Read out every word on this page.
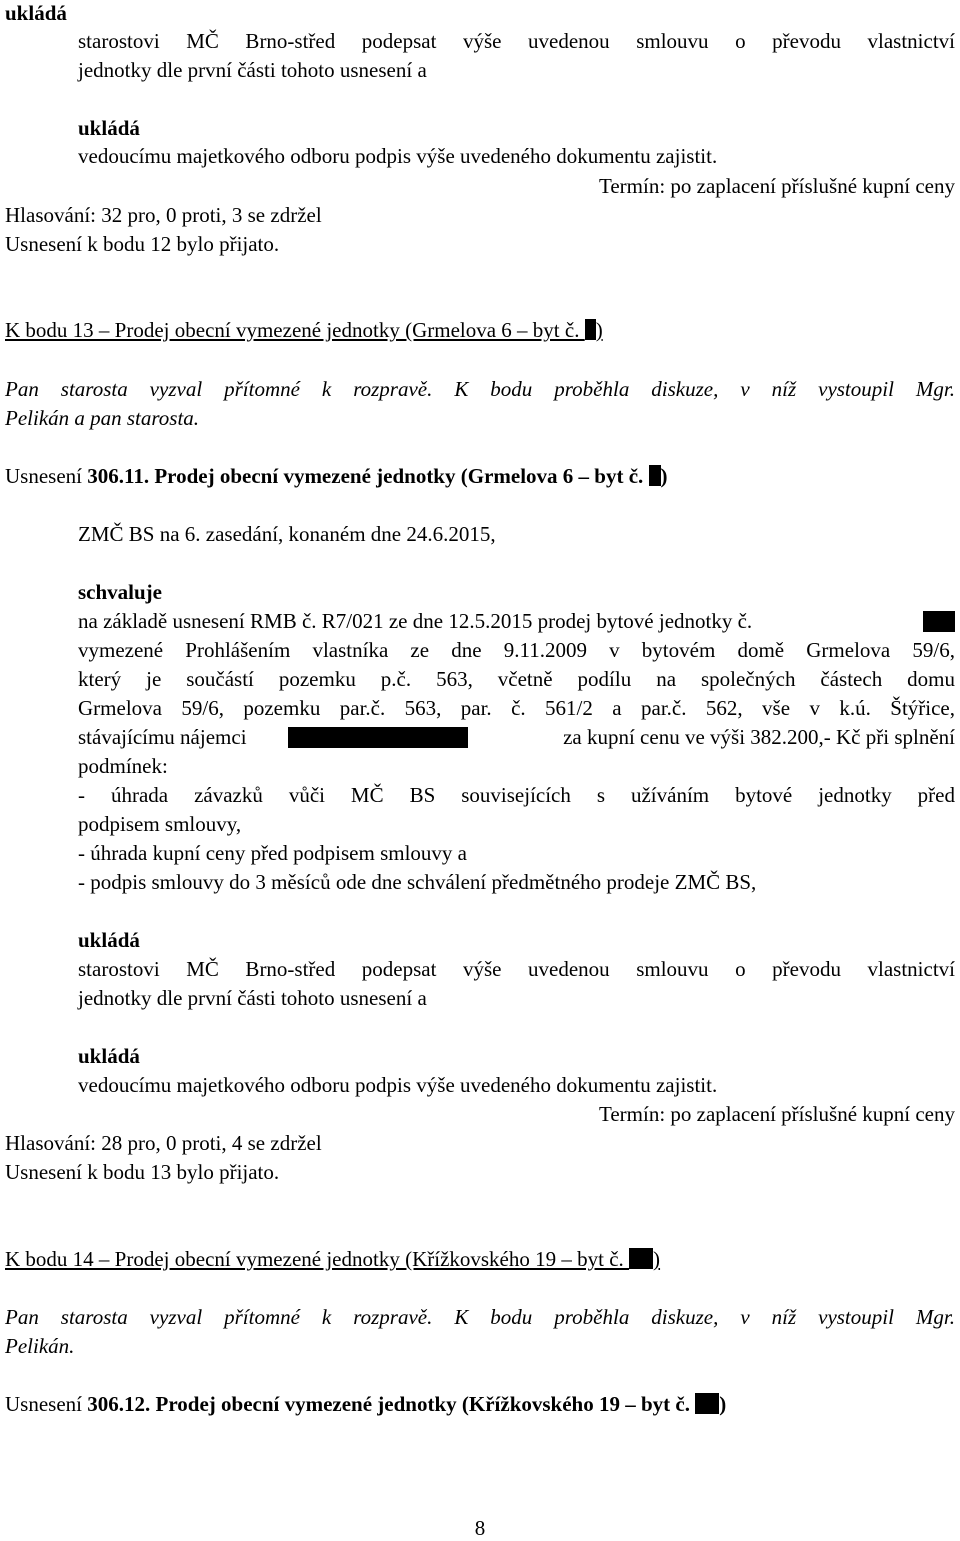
ukládá
starostovi MČ Brno-střed podepsat výše uvedenou smlouvu o převodu vlastnictví
jednotky dle první části tohoto usnesení a
ukládá
vedoucímu majetkového odboru podpis výše uvedeného dokumentu zajistit.
Termín: po zaplacení příslušné kupní ceny
Hlasování: 32 pro, 0 proti, 3 se zdržel
Usnesení k bodu 12 bylo přijato.
K bodu 13 – Prodej obecní vymezené jednotky (Grmelova 6 – byt č. )
Pan starosta vyzval přítomné k rozpravě. K bodu proběhla diskuze, v níž vystoupil Mgr.
Pelikán a pan starosta.
Usnesení 306.11. Prodej obecní vymezené jednotky (Grmelova 6 – byt č. )
ZMČ BS na 6. zasedání, konaném dne 24.6.2015,
schvaluje
na základě usnesení RMB č. R7/021 ze dne 12.5.2015 prodej bytové jednotky č.
vymezené Prohlášením vlastníka ze dne 9.11.2009 v bytovém domě Grmelova 59/6,
který je součástí pozemku p.č. 563, včetně podílu na společných částech domu
Grmelova 59/6, pozemku par.č. 563, par. č. 561/2 a par.č. 562, vše v k.ú. Štýřice,
stávajícímu nájemci	za kupní cenu ve výši 382.200,- Kč při splnění
podmínek:
- úhrada závazků vůči MČ BS souvisejících s užíváním bytové jednotky před
podpisem smlouvy,
- úhrada kupní ceny před podpisem smlouvy a
- podpis smlouvy do 3 měsíců ode dne schválení předmětného prodeje ZMČ BS,
ukládá
starostovi MČ Brno-střed podepsat výše uvedenou smlouvu o převodu vlastnictví
jednotky dle první části tohoto usnesení a
ukládá
vedoucímu majetkového odboru podpis výše uvedeného dokumentu zajistit.
Termín: po zaplacení příslušné kupní ceny
Hlasování: 28 pro, 0 proti, 4 se zdržel
Usnesení k bodu 13 bylo přijato.
K bodu 14 – Prodej obecní vymezené jednotky (Křížkovského 19 – byt č. )
Pan starosta vyzval přítomné k rozpravě. K bodu proběhla diskuze, v níž vystoupil Mgr.
Pelikán.
Usnesení 306.12. Prodej obecní vymezené jednotky (Křížkovského 19 – byt č. )
8
